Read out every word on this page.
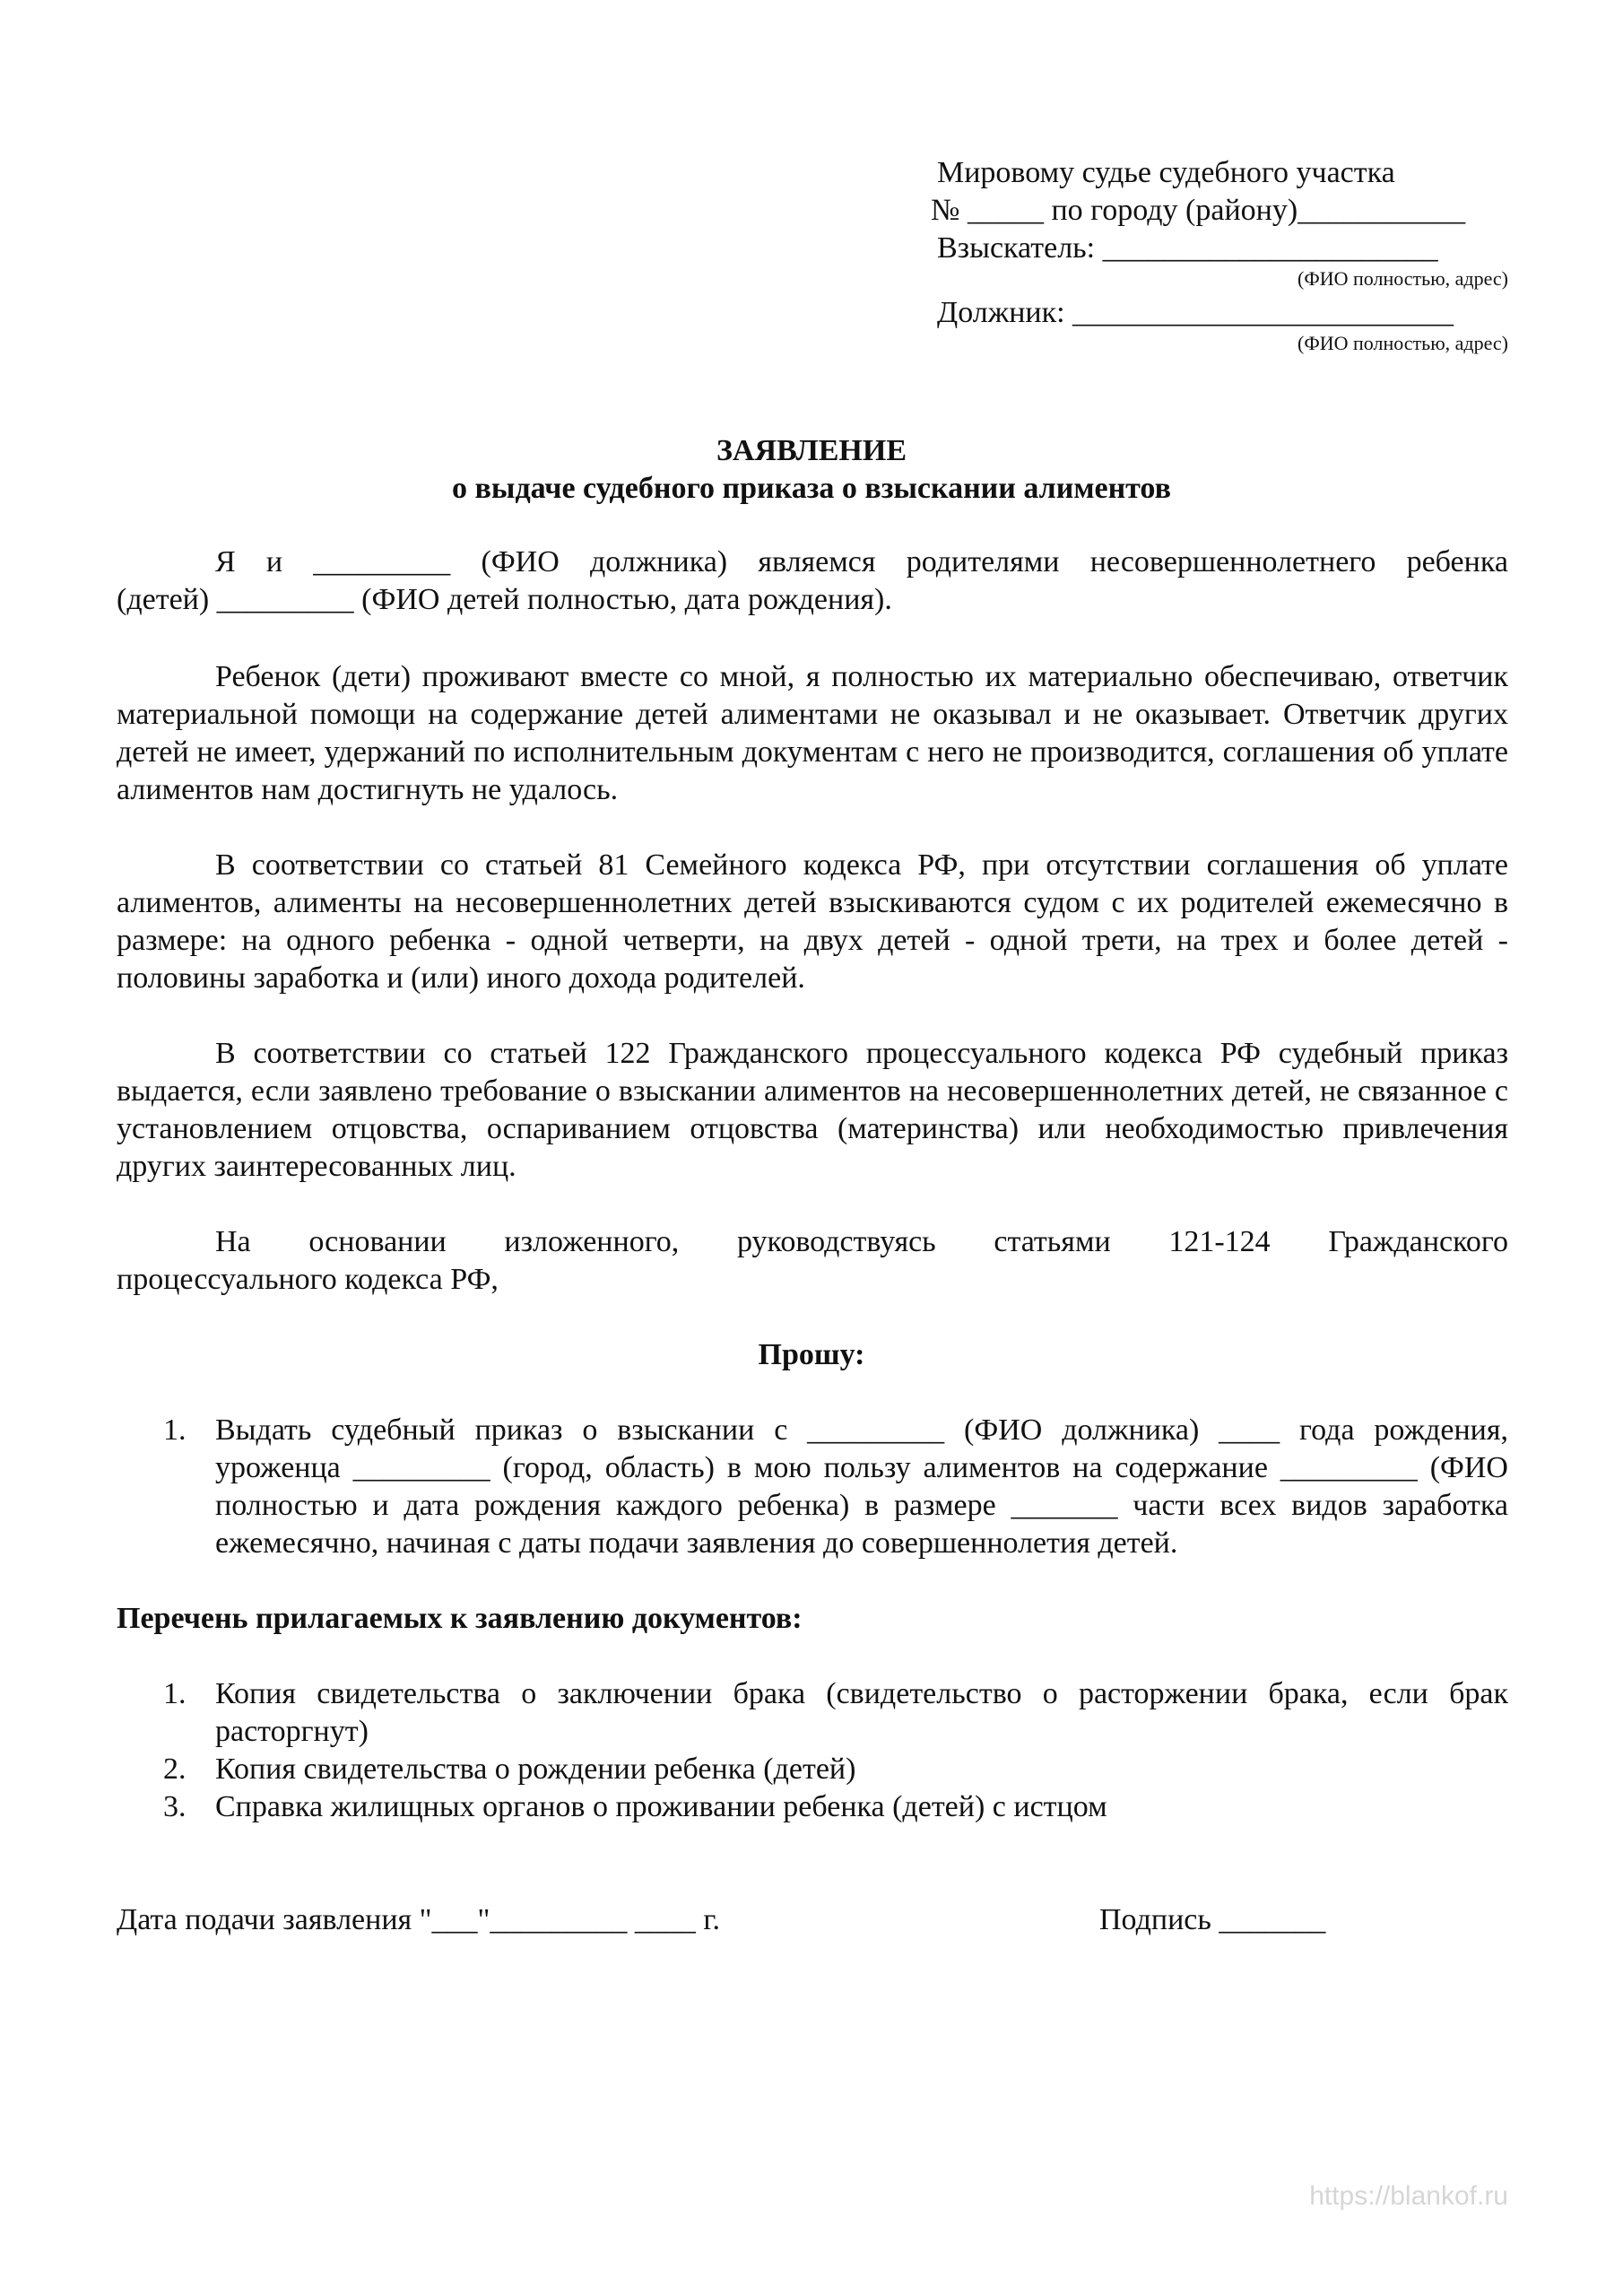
Мировому судье судебного участка
№ _____ по городу (району)___________
Взыскатель: ______________________
(ФИО полностью, адрес)
Должник: _________________________
(ФИО полностью, адрес)
ЗАЯВЛЕНИЕ
о выдаче судебного приказа о взыскании алиментов
Я и _________ (ФИО должника) являемся родителями несовершеннолетнего ребенка
(детей) _________ (ФИО детей полностью, дата рождения).

Ребенок (дети) проживают вместе со мной, я полностью их материально обеспечиваю, ответчик материальной помощи на содержание детей алиментами не оказывал и не оказывает. Ответчик других детей не имеет, удержаний по исполнительным документам с него не производится, соглашения об уплате алиментов нам достигнуть не удалось.

В соответствии со статьей 81 Семейного кодекса РФ, при отсутствии соглашения об уплате алиментов, алименты на несовершеннолетних детей взыскиваются судом с их родителей ежемесячно в размере: на одного ребенка - одной четверти, на двух детей - одной трети, на трех и более детей - половины заработка и (или) иного дохода родителей.

В соответствии со статьей 122 Гражданского процессуального кодекса РФ судебный приказ выдается, если заявлено требование о взыскании алиментов на несовершеннолетних детей, не связанное с установлением отцовства, оспариванием отцовства (материнства) или необходимостью привлечения других заинтересованных лиц.

На основании изложенного, руководствуясь статьями 121-124 Гражданского
процессуального кодекса РФ,
Прошу:
1. Выдать судебный приказ о взыскании с _________ (ФИО должника) ____ года рождения, уроженца _________ (город, область) в мою пользу алиментов на содержание _________ (ФИО полностью и дата рождения каждого ребенка) в размере _______ части всех видов заработка ежемесячно, начиная с даты подачи заявления до совершеннолетия детей.
Перечень прилагаемых к заявлению документов:
1. Копия свидетельства о заключении брака (свидетельство о расторжении брака, если брак расторгнут)
2. Копия свидетельства о рождении ребенка (детей)
3. Справка жилищных органов о проживании ребенка (детей) с истцом
Дата подачи заявления "___"_________ ____ г.	Подпись _______
https://blankof.ru
